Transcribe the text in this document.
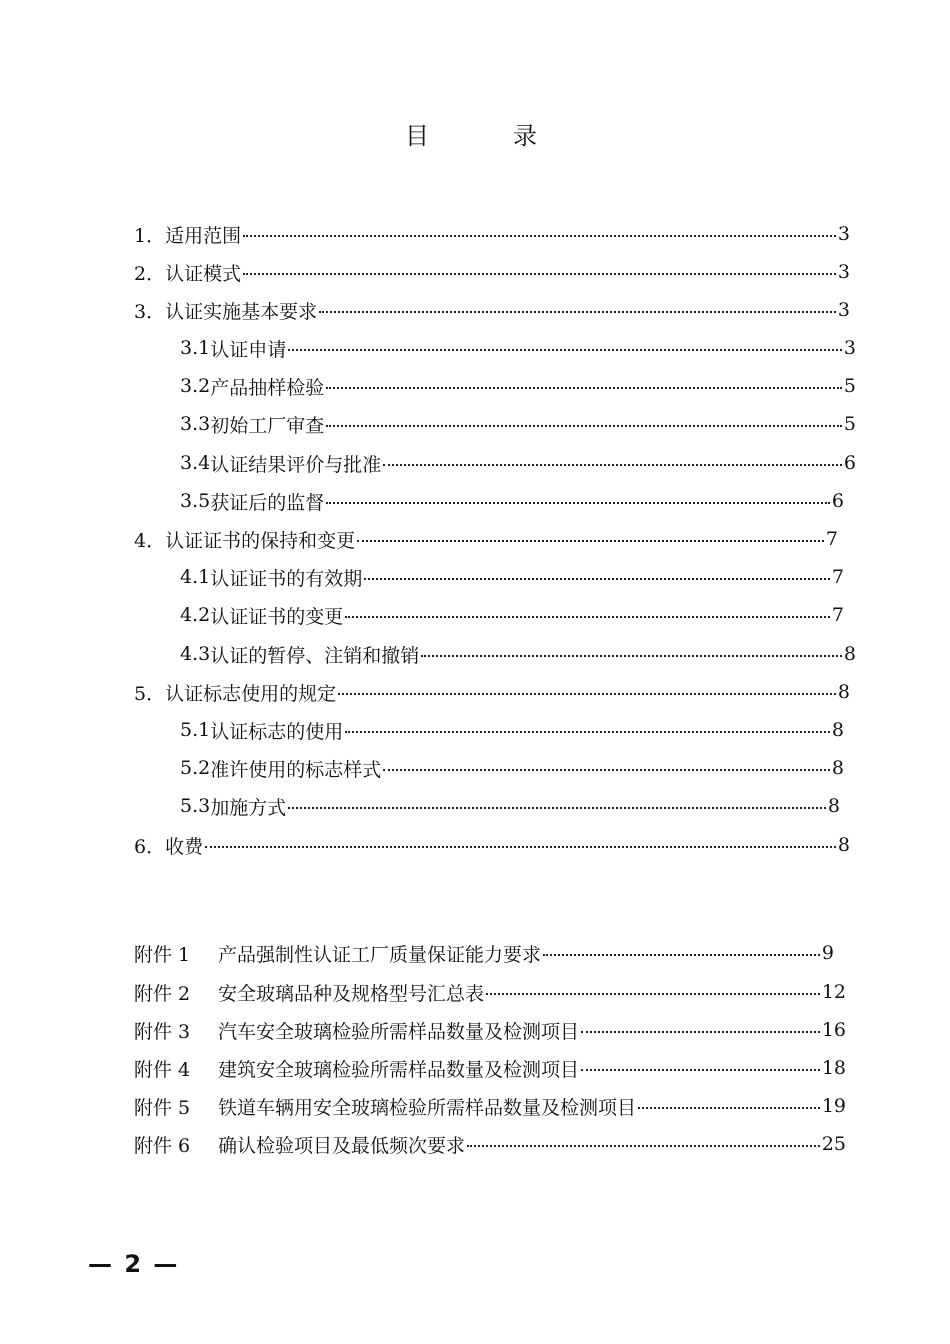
目　录
1． 适用范围	3
2． 认证模式	3
3． 认证实施基本要求	3
3.1 认证申请	3
3.2 产品抽样检验	5
3.3 初始工厂审查	5
3.4 认证结果评价与批准	6
3.5 获证后的监督	6
4． 认证证书的保持和变更	7
4.1 认证证书的有效期	7
4.2 认证证书的变更	7
4.3 认证的暂停、注销和撤销	8
5． 认证标志使用的规定	8
5.1 认证标志的使用	8
5.2 准许使用的标志样式	8
5.3 加施方式	8
6． 收费	8
附件 1	产品强制性认证工厂质量保证能力要求	9
附件 2	安全玻璃品种及规格型号汇总表	12
附件 3	汽车安全玻璃检验所需样品数量及检测项目	16
附件 4	建筑安全玻璃检验所需样品数量及检测项目	18
附件 5	铁道车辆用安全玻璃检验所需样品数量及检测项目	19
附件 6	确认检验项目及最低频次要求	25
— 2 —
